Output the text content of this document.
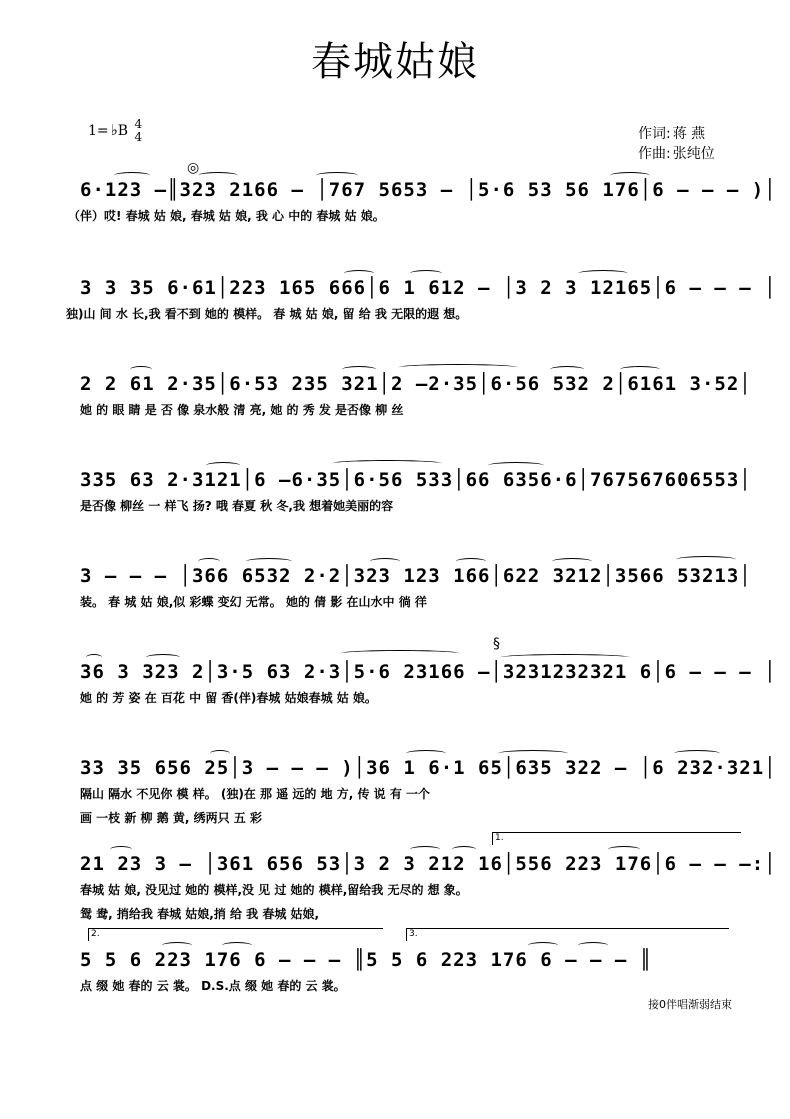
春城姑娘
1= ♭B 4
4	作词: 蒋 燕
作曲: 张纯位
◎
6·123 –║323 2166 – │767 5653 – │5·6 53 56 176│6 – – – )│
（伴）哎! 春城 姑 娘, 春城 姑 娘, 我 心 中的 春城 姑 娘。
3 3 35 6·61│223 165 666│6 1 612 – │3 2 3 12165│6 – – – │
独)山 间 水 长,我 看不到 她的 模样。 春 城 姑 娘, 留 给 我 无限的遐 想。
2 2 61 2·35│6·53 235 321│2 –2·35│6·56 532 2│6161 3·52│
她 的 眼 睛 是 否 像 泉水般 清 亮, 她 的 秀 发 是否像 柳 丝
335 63 2·3121│6 –6·35│6·56 533│66 6356·6│767567606553│
是否像 柳丝 一 样飞 扬? 哦 春夏 秋 冬,我 想着她美丽的容
3 – – – │366 6532 2·2│323 123 166│622 3212│3566 53213│
装。 春 城 姑 娘,似 彩蝶 变幻 无常。 她的 倩 影 在山水中 徜 徉
§
36 3 323 2│3·5 63 2·3│5·6 23166 –│3231232321 6│6 – – – │
她 的 芳 姿 在 百花 中 留 香(伴)春城 姑娘春城 姑 娘。
33 35 656 25│3 – – – )│36 1 6·1 65│635 322 – │6 232·321│
隔山 隔水 不见你 模 样。 (独)在 那 遥 远的 地 方, 传 说 有 一个
画 一枝 新 柳 鹅 黄, 绣两只 五 彩
1.
21 23 3 – │361 656 53│3 2 3 212 16│556 223 176│6 – – –:│
春城 姑 娘, 没见过 她的 模样,没 见 过 她的 模样,留给我 无尽的 想 象。
鸳 鸯, 捎给我 春城 姑娘,捎 给 我 春城 姑娘,
2.	3.
5 5 6 223 176 6 – – – ║5 5 6 223 176 6 – – – ║
点 缀 她 春的 云 裳。 D.S.点 缀 她 春的 云 裳。
接0伴唱渐弱结束
